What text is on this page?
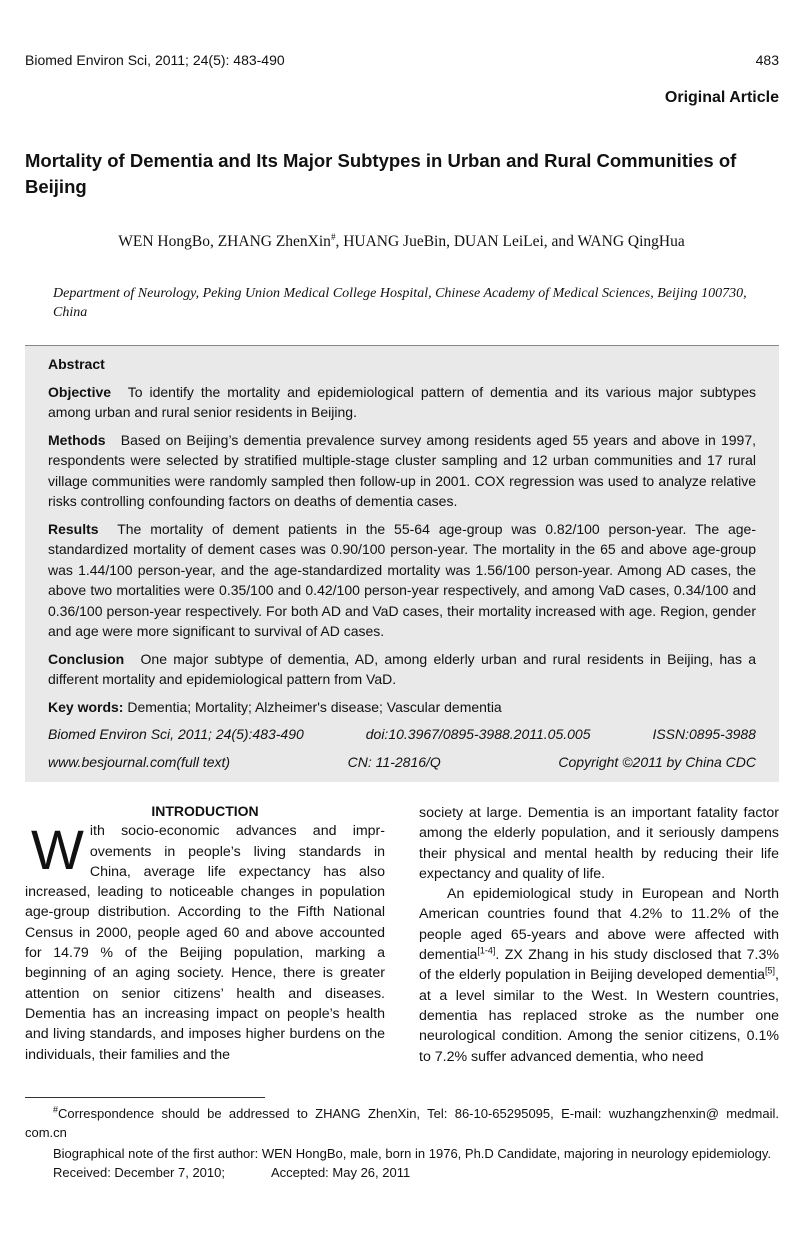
Biomed Environ Sci, 2011; 24(5): 483-490	483
Original Article
Mortality of Dementia and Its Major Subtypes in Urban and Rural Communities of Beijing
WEN HongBo, ZHANG ZhenXin#, HUANG JueBin, DUAN LeiLei, and WANG QingHua
Department of Neurology, Peking Union Medical College Hospital, Chinese Academy of Medical Sciences, Beijing 100730, China

Abstract

Objective To identify the mortality and epidemiological pattern of dementia and its various major subtypes among urban and rural senior residents in Beijing.

Methods Based on Beijing’s dementia prevalence survey among residents aged 55 years and above in 1997, respondents were selected by stratified multiple-stage cluster sampling and 12 urban communities and 17 rural village communities were randomly sampled then follow-up in 2001. COX regression was used to analyze relative risks controlling confounding factors on deaths of dementia cases.

Results The mortality of dement patients in the 55-64 age-group was 0.82/100 person-year. The age-standardized mortality of dement cases was 0.90/100 person-year. The mortality in the 65 and above age-group was 1.44/100 person-year, and the age-standardized mortality was 1.56/100 person-year. Among AD cases, the above two mortalities were 0.35/100 and 0.42/100 person-year respectively, and among VaD cases, 0.34/100 and 0.36/100 person-year respectively. For both AD and VaD cases, their mortality increased with age. Region, gender and age were more significant to survival of AD cases.

Conclusion One major subtype of dementia, AD, among elderly urban and rural residents in Beijing, has a different mortality and epidemiological pattern from VaD.

Key words: Dementia; Mortality; Alzheimer's disease; Vascular dementia

Biomed Environ Sci, 2011; 24(5):483-490	doi:10.3967/0895-3988.2011.05.005	ISSN:0895-3988

www.besjournal.com(full text)	CN: 11-2816/Q	Copyright ©2011 by China CDC

INTRODUCTION

With socio-economic advances and impr-ovements in people’s living standards in China, average life expectancy has also increased, leading to noticeable changes in population age-group distribution. According to the Fifth National Census in 2000, people aged 60 and above accounted for 14.79 % of the Beijing population, marking a beginning of an aging society. Hence, there is greater attention on senior citizens’ health and diseases. Dementia has an increasing impact on people’s health and living standards, and imposes higher burdens on the individuals, their families and the

society at large. Dementia is an important fatality factor among the elderly population, and it seriously dampens their physical and mental health by reducing their life expectancy and quality of life.

An epidemiological study in European and North American countries found that 4.2% to 11.2% of the people aged 65-years and above were affected with dementia[1-4]. ZX Zhang in his study disclosed that 7.3% of the elderly population in Beijing developed dementia[5], at a level similar to the West. In Western countries, dementia has replaced stroke as the number one neurological condition. Among the senior citizens, 0.1% to 7.2% suffer advanced dementia, who need

#Correspondence should be addressed to ZHANG ZhenXin, Tel: 86-10-65295095, E-mail: wuzhangzhenxin@ medmail. com.cn

Biographical note of the first author: WEN HongBo, male, born in 1976, Ph.D Candidate, majoring in neurology epidemiology.

Received: December 7, 2010;	Accepted: May 26, 2011
